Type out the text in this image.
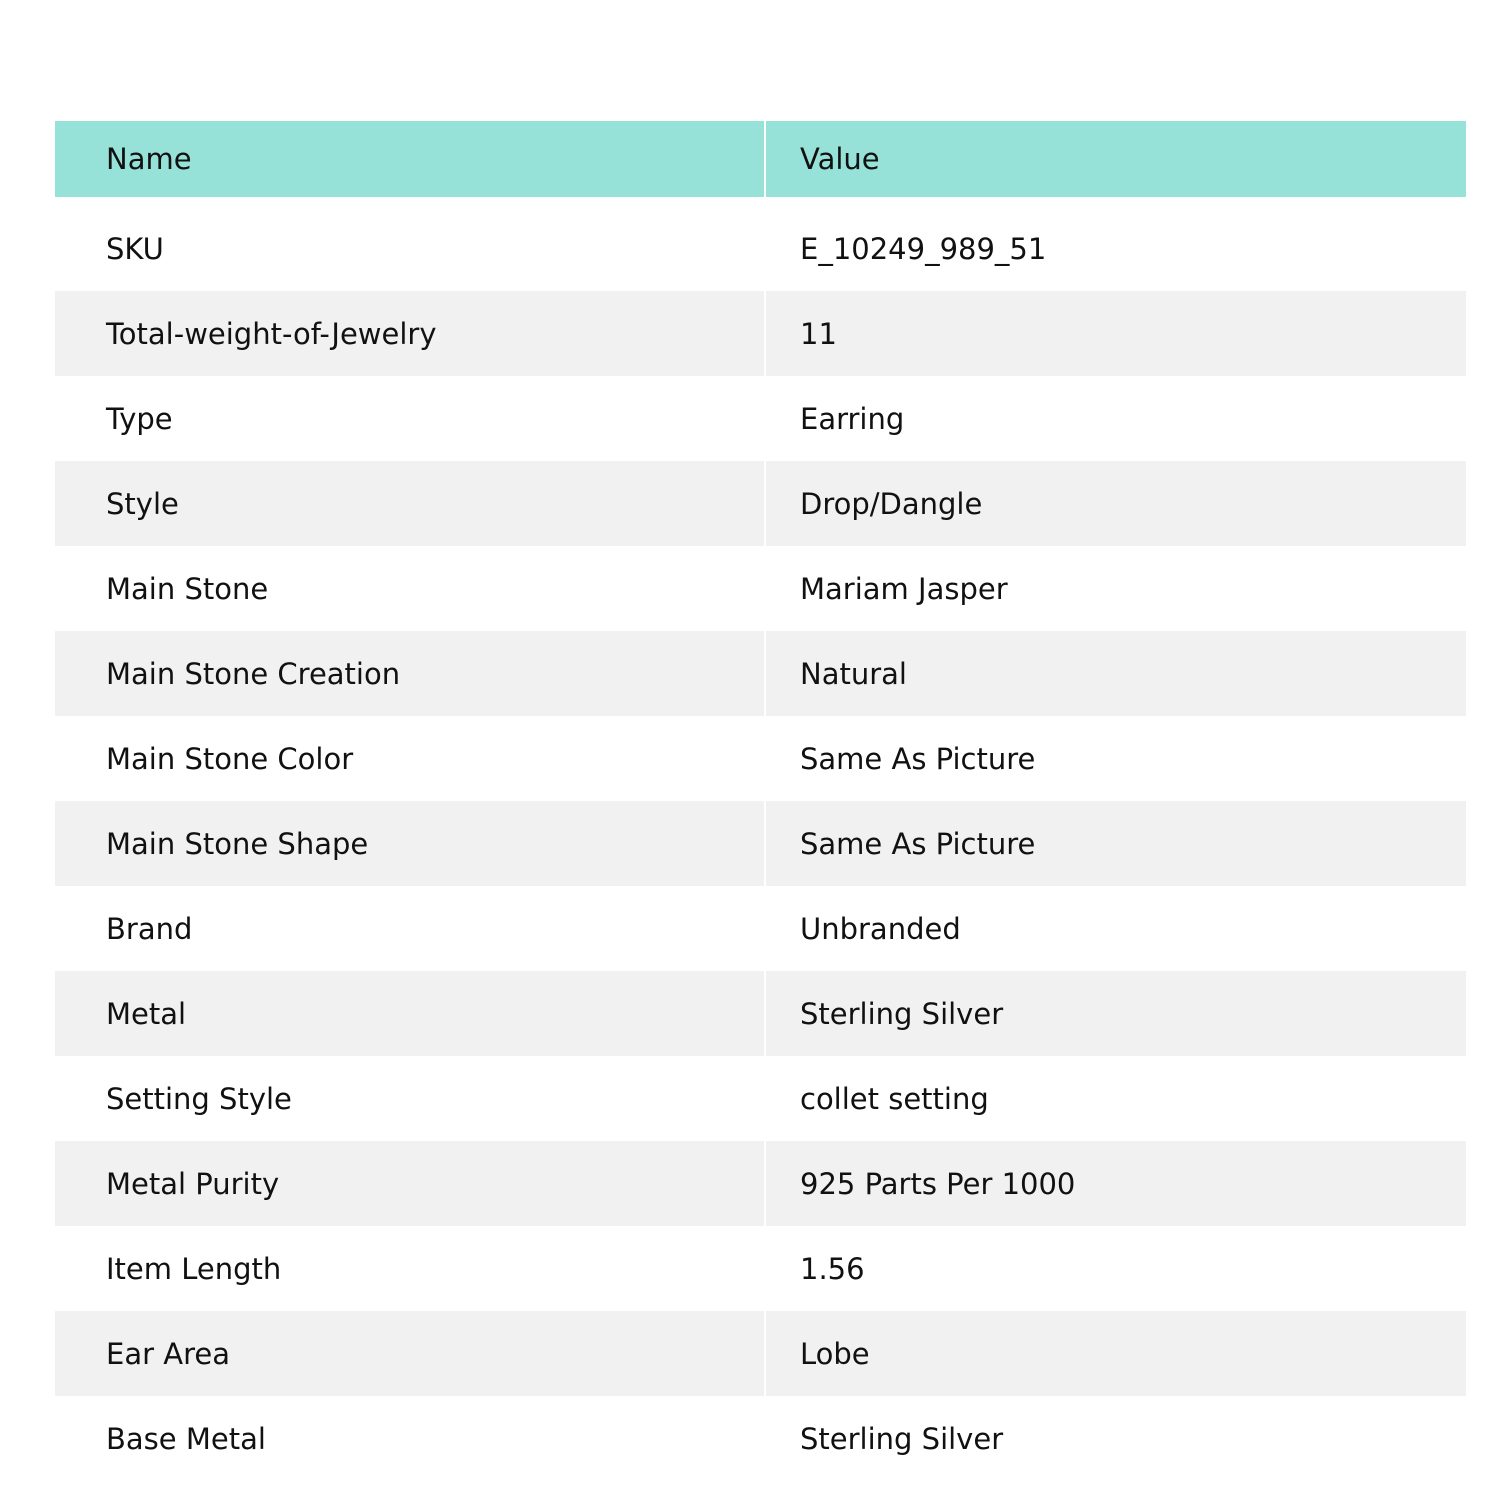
Name	Value
SKU	E_10249_989_51
Total-weight-of-Jewelry	11
Type	Earring
Style	Drop/Dangle
Main Stone	Mariam Jasper
Main Stone Creation	Natural
Main Stone Color	Same As Picture
Main Stone Shape	Same As Picture
Brand	Unbranded
Metal	Sterling Silver
Setting Style	collet setting
Metal Purity	925 Parts Per 1000
Item Length	1.56
Ear Area	Lobe
Base Metal	Sterling Silver
